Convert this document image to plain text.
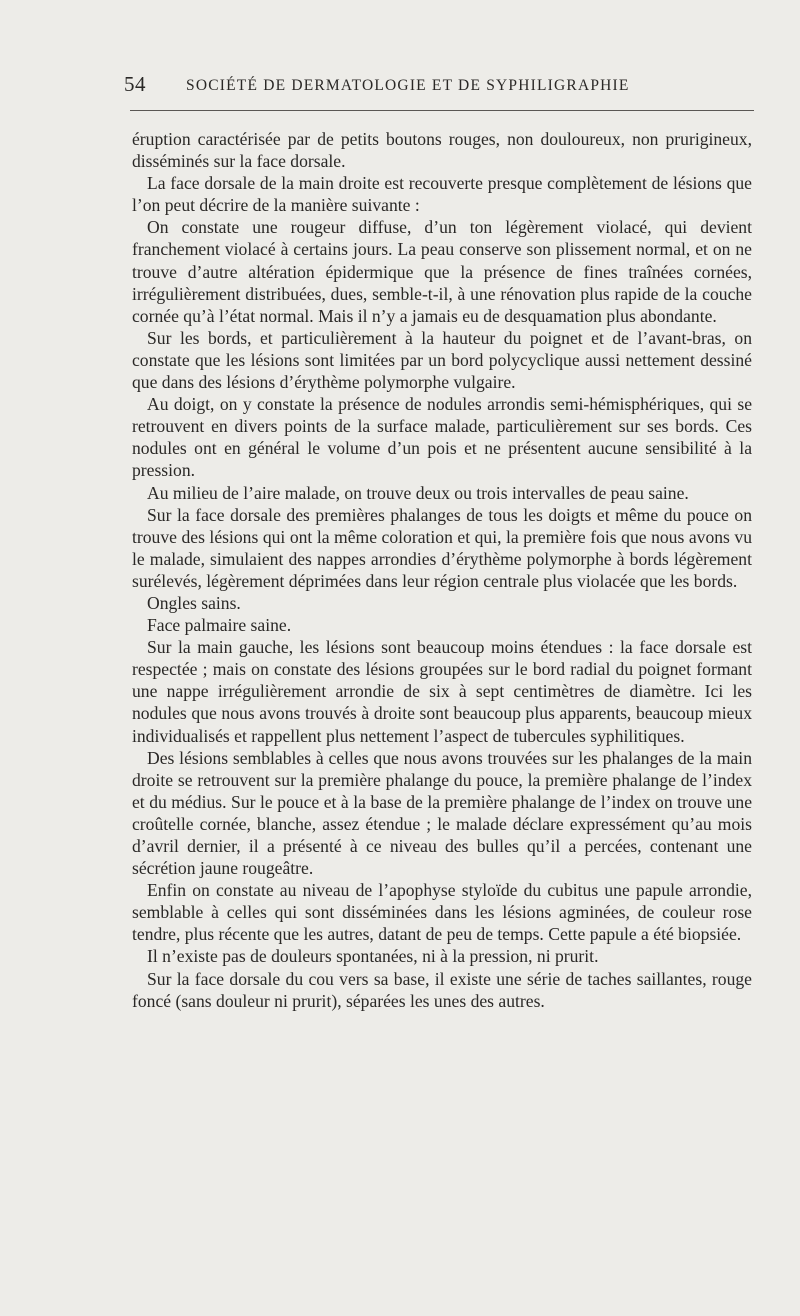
54	SOCIÉTÉ DE DERMATOLOGIE ET DE SYPHILIGRAPHIE

éruption caractérisée par de petits boutons rouges, non douloureux, non prurigineux, disséminés sur la face dorsale.

La face dorsale de la main droite est recouverte presque complètement de lésions que l’on peut décrire de la manière suivante :

On constate une rougeur diffuse, d’un ton légèrement violacé, qui devient franchement violacé à certains jours. La peau conserve son plissement normal, et on ne trouve d’autre altération épidermique que la présence de fines traînées cornées, irrégulièrement distribuées, dues, semble-t-il, à une rénovation plus rapide de la couche cornée qu’à l’état normal. Mais il n’y a jamais eu de desquamation plus abondante.

Sur les bords, et particulièrement à la hauteur du poignet et de l’avant-bras, on constate que les lésions sont limitées par un bord polycyclique aussi nettement dessiné que dans des lésions d’érythème polymorphe vulgaire.

Au doigt, on y constate la présence de nodules arrondis semi-hémisphériques, qui se retrouvent en divers points de la surface malade, particulièrement sur ses bords. Ces nodules ont en général le volume d’un pois et ne présentent aucune sensibilité à la pression.

Au milieu de l’aire malade, on trouve deux ou trois intervalles de peau saine.

Sur la face dorsale des premières phalanges de tous les doigts et même du pouce on trouve des lésions qui ont la même coloration et qui, la première fois que nous avons vu le malade, simulaient des nappes arrondies d’érythème polymorphe à bords légèrement surélevés, légèrement déprimées dans leur région centrale plus violacée que les bords.

Ongles sains.

Face palmaire saine.

Sur la main gauche, les lésions sont beaucoup moins étendues : la face dorsale est respectée ; mais on constate des lésions groupées sur le bord radial du poignet formant une nappe irrégulièrement arrondie de six à sept centimètres de diamètre. Ici les nodules que nous avons trouvés à droite sont beaucoup plus apparents, beaucoup mieux individualisés et rappellent plus nettement l’aspect de tubercules syphilitiques.

Des lésions semblables à celles que nous avons trouvées sur les phalanges de la main droite se retrouvent sur la première phalange du pouce, la première phalange de l’index et du médius. Sur le pouce et à la base de la première phalange de l’index on trouve une croûtelle cornée, blanche, assez étendue ; le malade déclare expressément qu’au mois d’avril dernier, il a présenté à ce niveau des bulles qu’il a percées, contenant une sécrétion jaune rougeâtre.

Enfin on constate au niveau de l’apophyse styloïde du cubitus une papule arrondie, semblable à celles qui sont disséminées dans les lésions agminées, de couleur rose tendre, plus récente que les autres, datant de peu de temps. Cette papule a été biopsiée.

Il n’existe pas de douleurs spontanées, ni à la pression, ni prurit.

Sur la face dorsale du cou vers sa base, il existe une série de taches saillantes, rouge foncé (sans douleur ni prurit), séparées les unes des autres.
